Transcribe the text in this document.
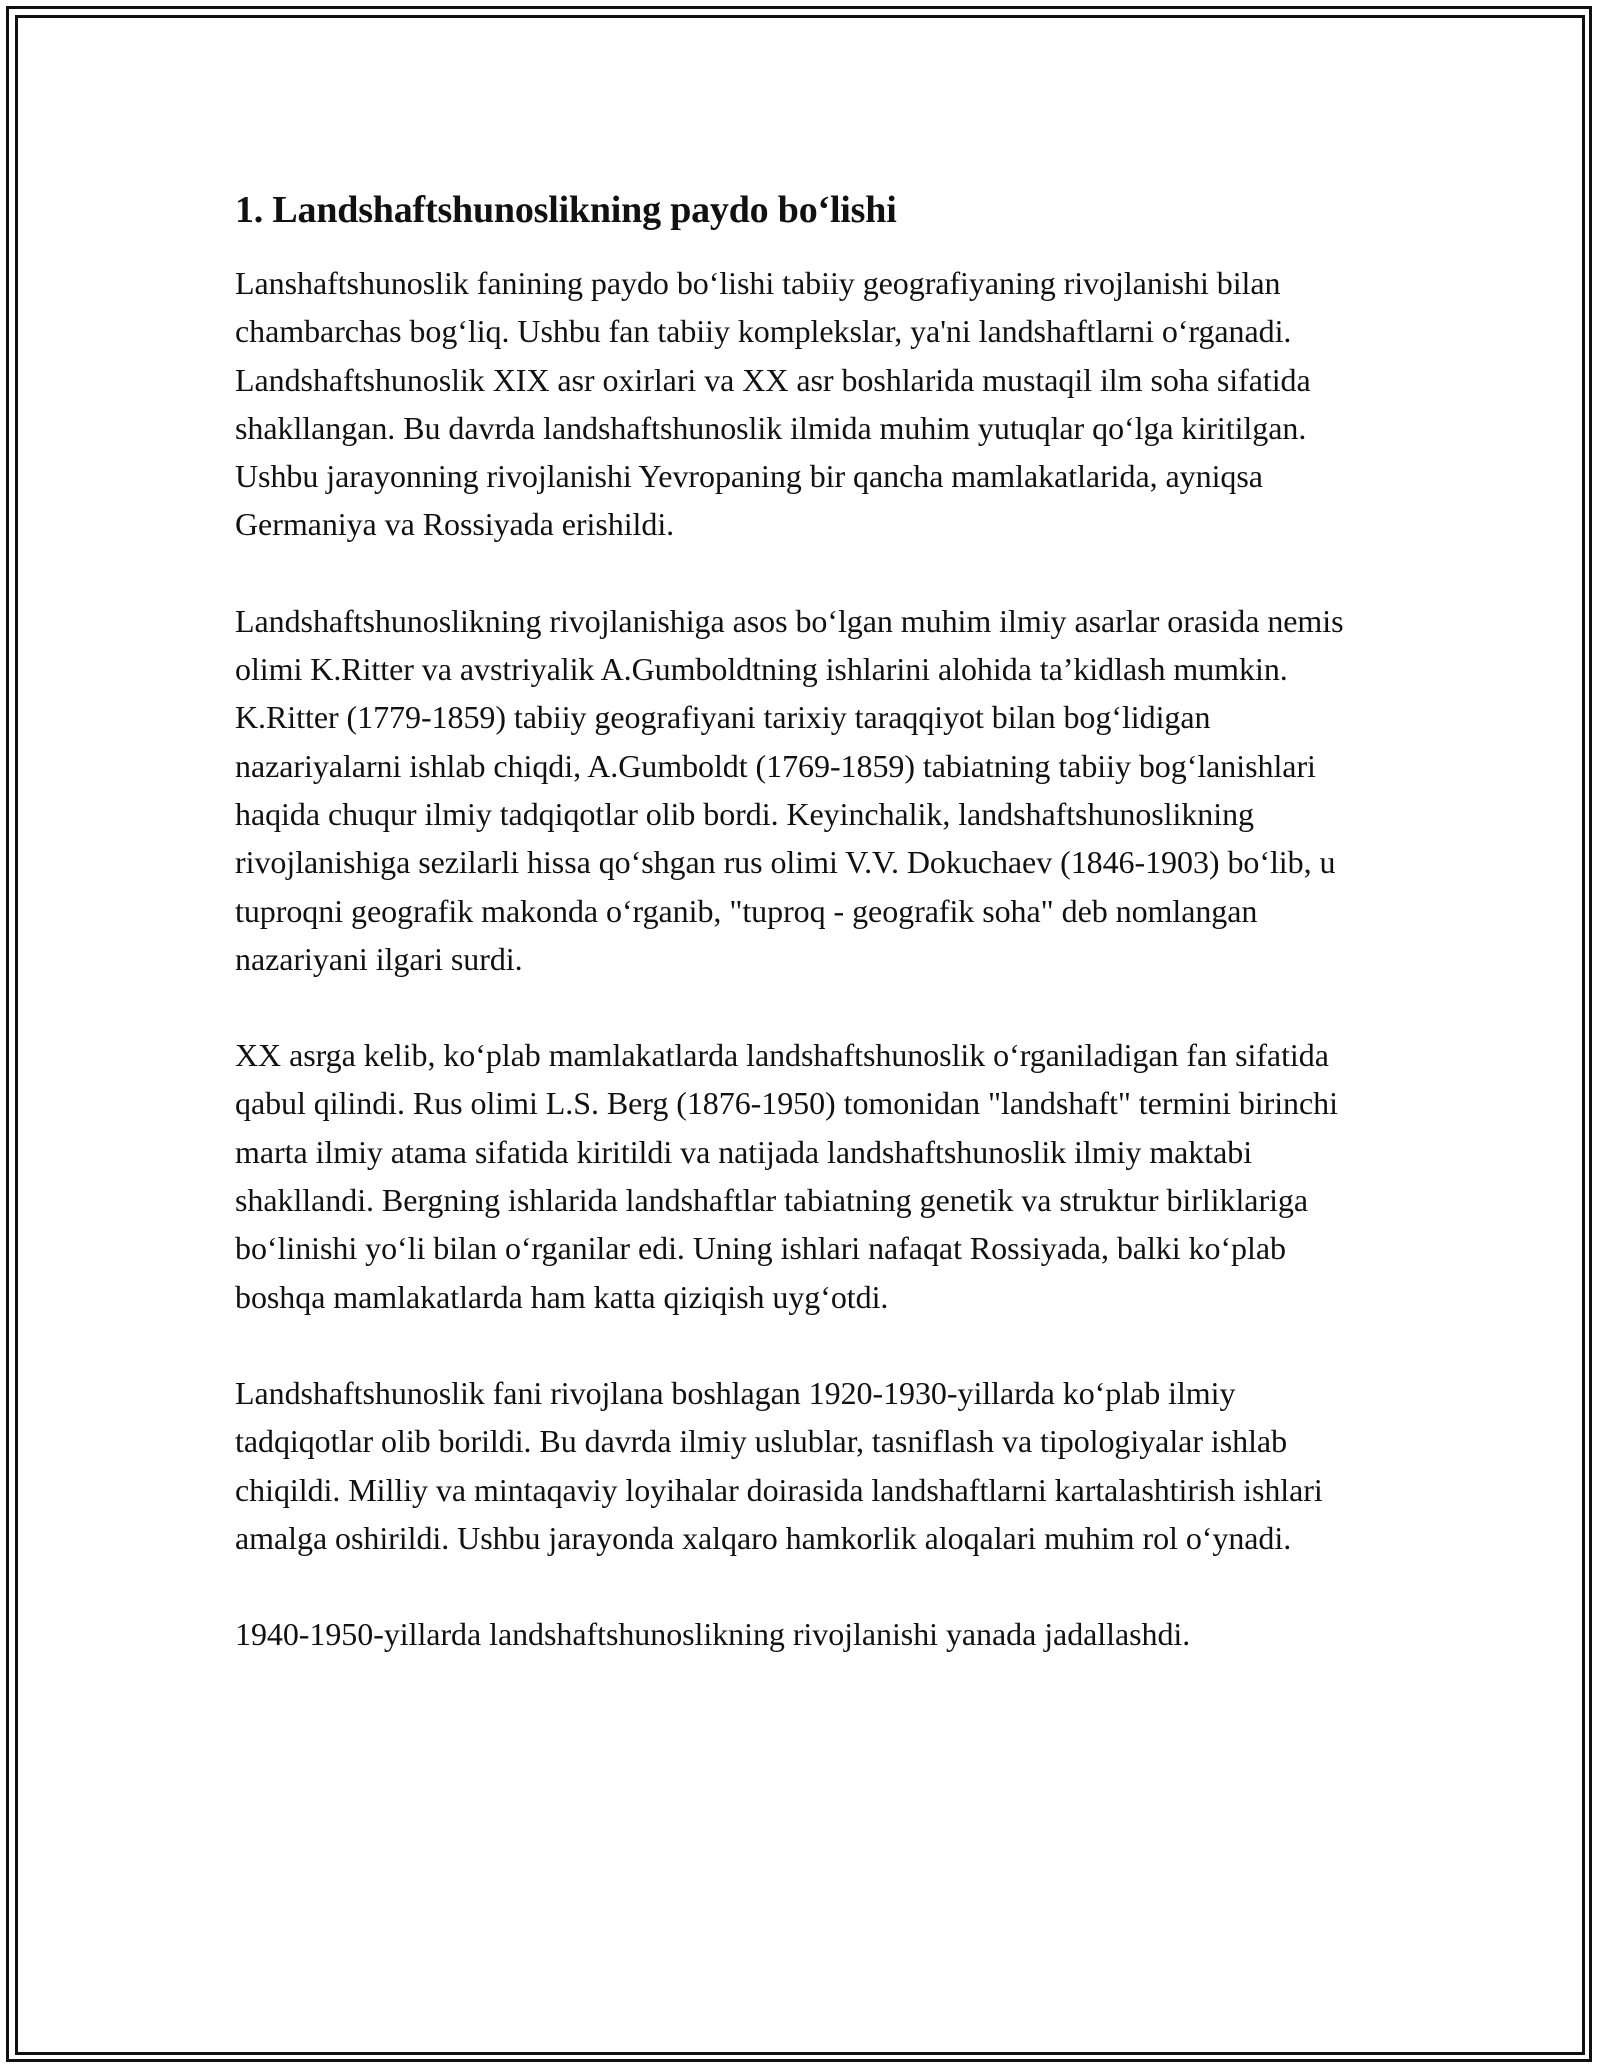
1. Landshaftshunoslikning paydo bo‘lishi

Lanshaftshunoslik fanining paydo bo‘lishi tabiiy geografiyaning rivojlanishi bilan chambarchas bog‘liq. Ushbu fan tabiiy komplekslar, ya'ni landshaftlarni o‘rganadi. Landshaftshunoslik XIX asr oxirlari va XX asr boshlarida mustaqil ilm soha sifatida shakllangan. Bu davrda landshaftshunoslik ilmida muhim yutuqlar qo‘lga kiritilgan. Ushbu jarayonning rivojlanishi Yevropaning bir qancha mamlakatlarida, ayniqsa Germaniya va Rossiyada erishildi.

Landshaftshunoslikning rivojlanishiga asos bo‘lgan muhim ilmiy asarlar orasida nemis olimi K.Ritter va avstriyalik A.Gumboldtning ishlarini alohida ta’kidlash mumkin. K.Ritter (1779-1859) tabiiy geografiyani tarixiy taraqqiyot bilan bog‘lidigan nazariyalarni ishlab chiqdi, A.Gumboldt (1769-1859) tabiatning tabiiy bog‘lanishlari haqida chuqur ilmiy tadqiqotlar olib bordi. Keyinchalik, landshaftshunoslikning rivojlanishiga sezilarli hissa qo‘shgan rus olimi V.V. Dokuchaev (1846-1903) bo‘lib, u tuproqni geografik makonda o‘rganib, "tuproq - geografik soha" deb nomlangan nazariyani ilgari surdi.

XX asrga kelib, ko‘plab mamlakatlarda landshaftshunoslik o‘rganiladigan fan sifatida qabul qilindi. Rus olimi L.S. Berg (1876-1950) tomonidan "landshaft" termini birinchi marta ilmiy atama sifatida kiritildi va natijada landshaftshunoslik ilmiy maktabi shakllandi. Bergning ishlarida landshaftlar tabiatning genetik va struktur birliklariga bo‘linishi yo‘li bilan o‘rganilar edi. Uning ishlari nafaqat Rossiyada, balki ko‘plab boshqa mamlakatlarda ham katta qiziqish uyg‘otdi.

Landshaftshunoslik fani rivojlana boshlagan 1920-1930-yillarda ko‘plab ilmiy tadqiqotlar olib borildi. Bu davrda ilmiy uslublar, tasniflash va tipologiyalar ishlab chiqildi. Milliy va mintaqaviy loyihalar doirasida landshaftlarni kartalashtirish ishlari amalga oshirildi. Ushbu jarayonda xalqaro hamkorlik aloqalari muhim rol o‘ynadi.

1940-1950-yillarda landshaftshunoslikning rivojlanishi yanada jadallashdi.
